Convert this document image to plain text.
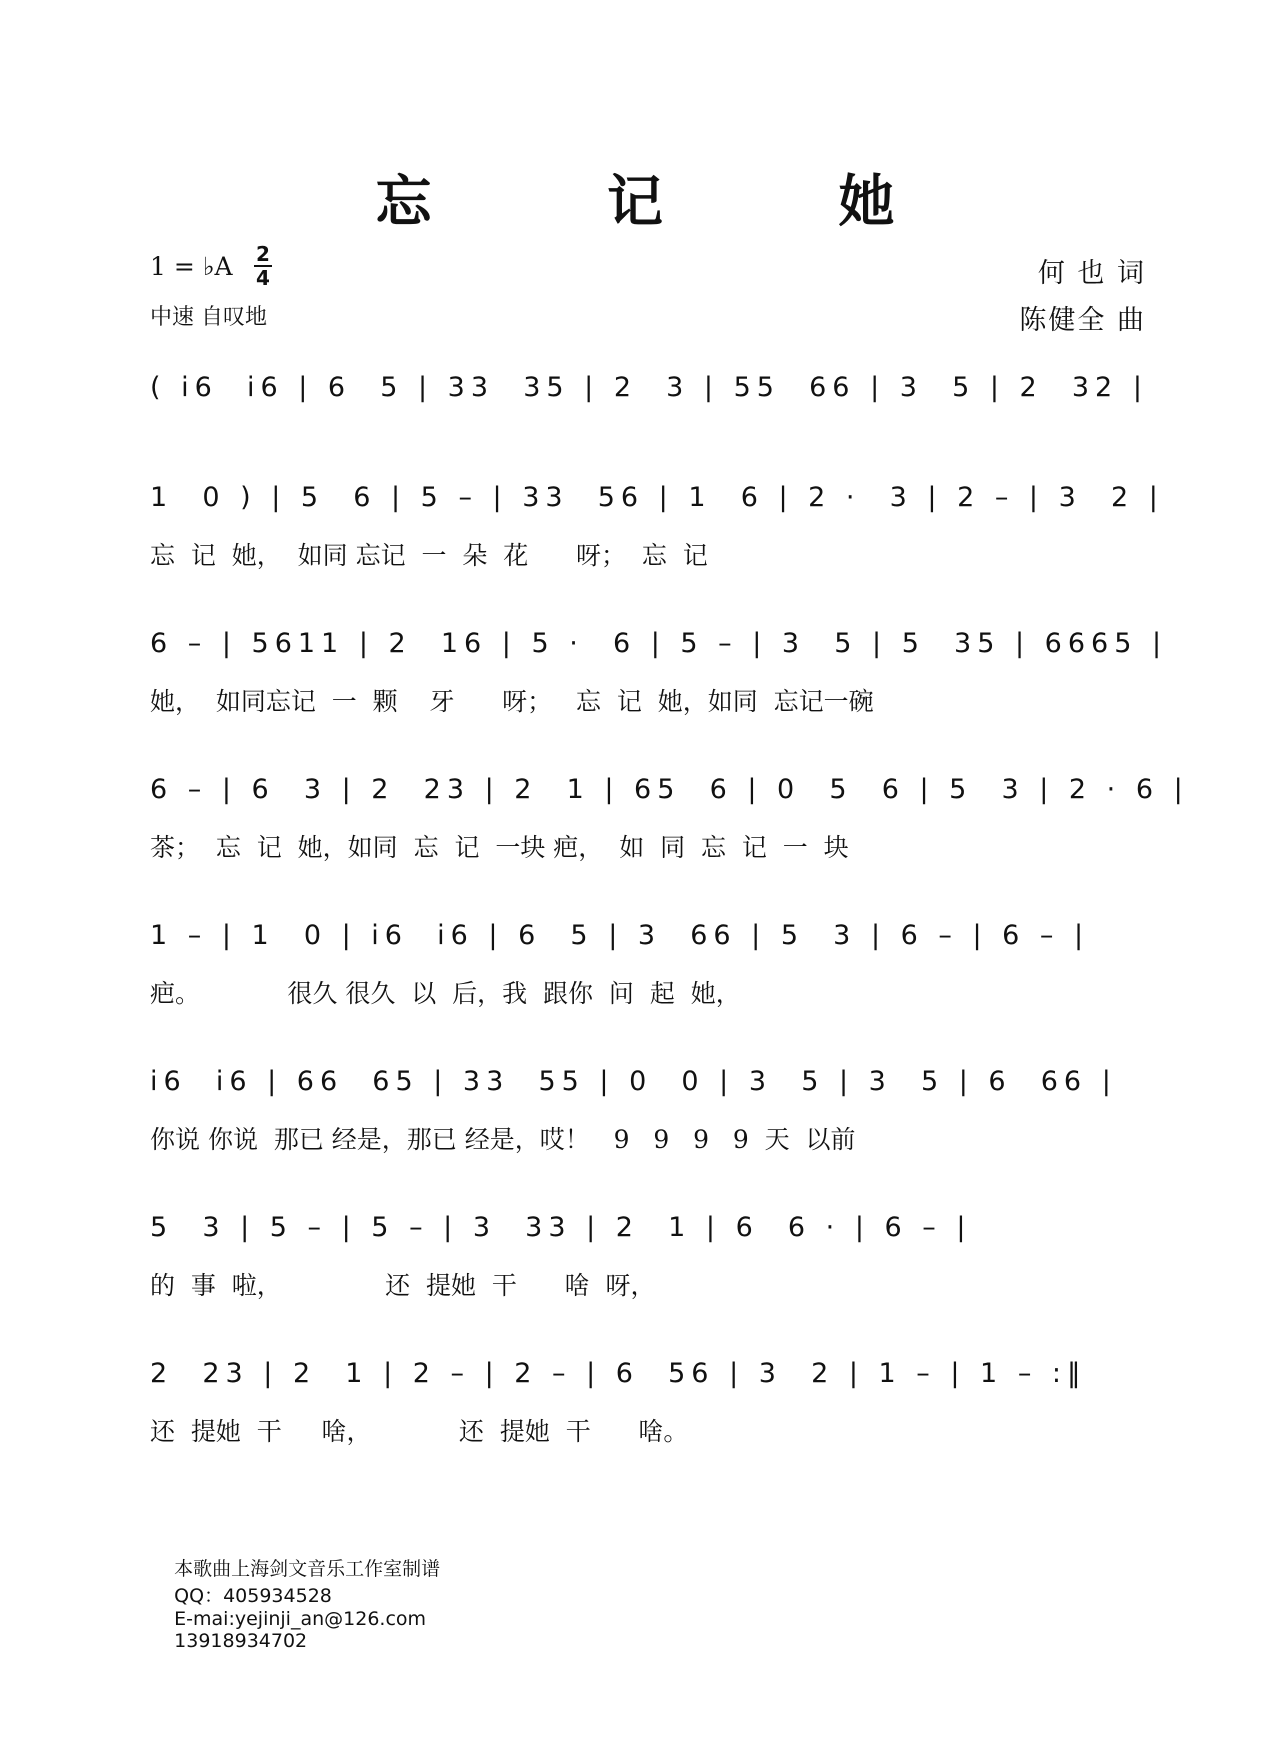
忘 记 她
1 = ♭A 2
4
中速 自叹地
何 也 词
陈健全 曲
( i6  i6 | 6  5 | 33  35 | 2  3 | 55  66 | 3  5 | 2  32 |
1  0 ) | 5  6 | 5 – | 33  56 | 1  6 | 2 ·  3 | 2 – | 3  2 |
忘  记  她，  如同 忘记  一  朵  花      呀；  忘  记
6 – | 5611 | 2  16 | 5 ·  6 | 5 – | 3  5 | 5  35 | 6665 |
她，  如同忘记  一  颗    牙      呀；   忘  记  她，如同  忘记一碗
6 – | 6  3 | 2  23 | 2  1 | 65  6 | 0  5  6 | 5  3 | 2 · 6 |
茶；  忘  记  她，如同  忘  记  一块 疤，  如  同  忘  记  一  块
1 – | 1  0 | i6  i6 | 6  5 | 3  66 | 5  3 | 6 – | 6 – |
疤。           很久 很久  以  后，我  跟你  问  起  她，
i6  i6 | 66  65 | 33  55 | 0  0 | 3  5 | 3  5 | 6  66 |
你说 你说  那已 经是，那已 经是，哎！   9   9   9   9  天  以前
5  3 | 5 – | 5 – | 3  33 | 2  1 | 6  6 · | 6 – |
的  事  啦，             还  提她  干      啥  呀，
2  23 | 2  1 | 2 – | 2 – | 6  56 | 3  2 | 1 – | 1 – :‖
还  提她  干     啥，           还  提她  干      啥。

本歌曲上海剑文音乐工作室制谱
QQ：405934528
E-mai:yejinji_an@126.com
13918934702
